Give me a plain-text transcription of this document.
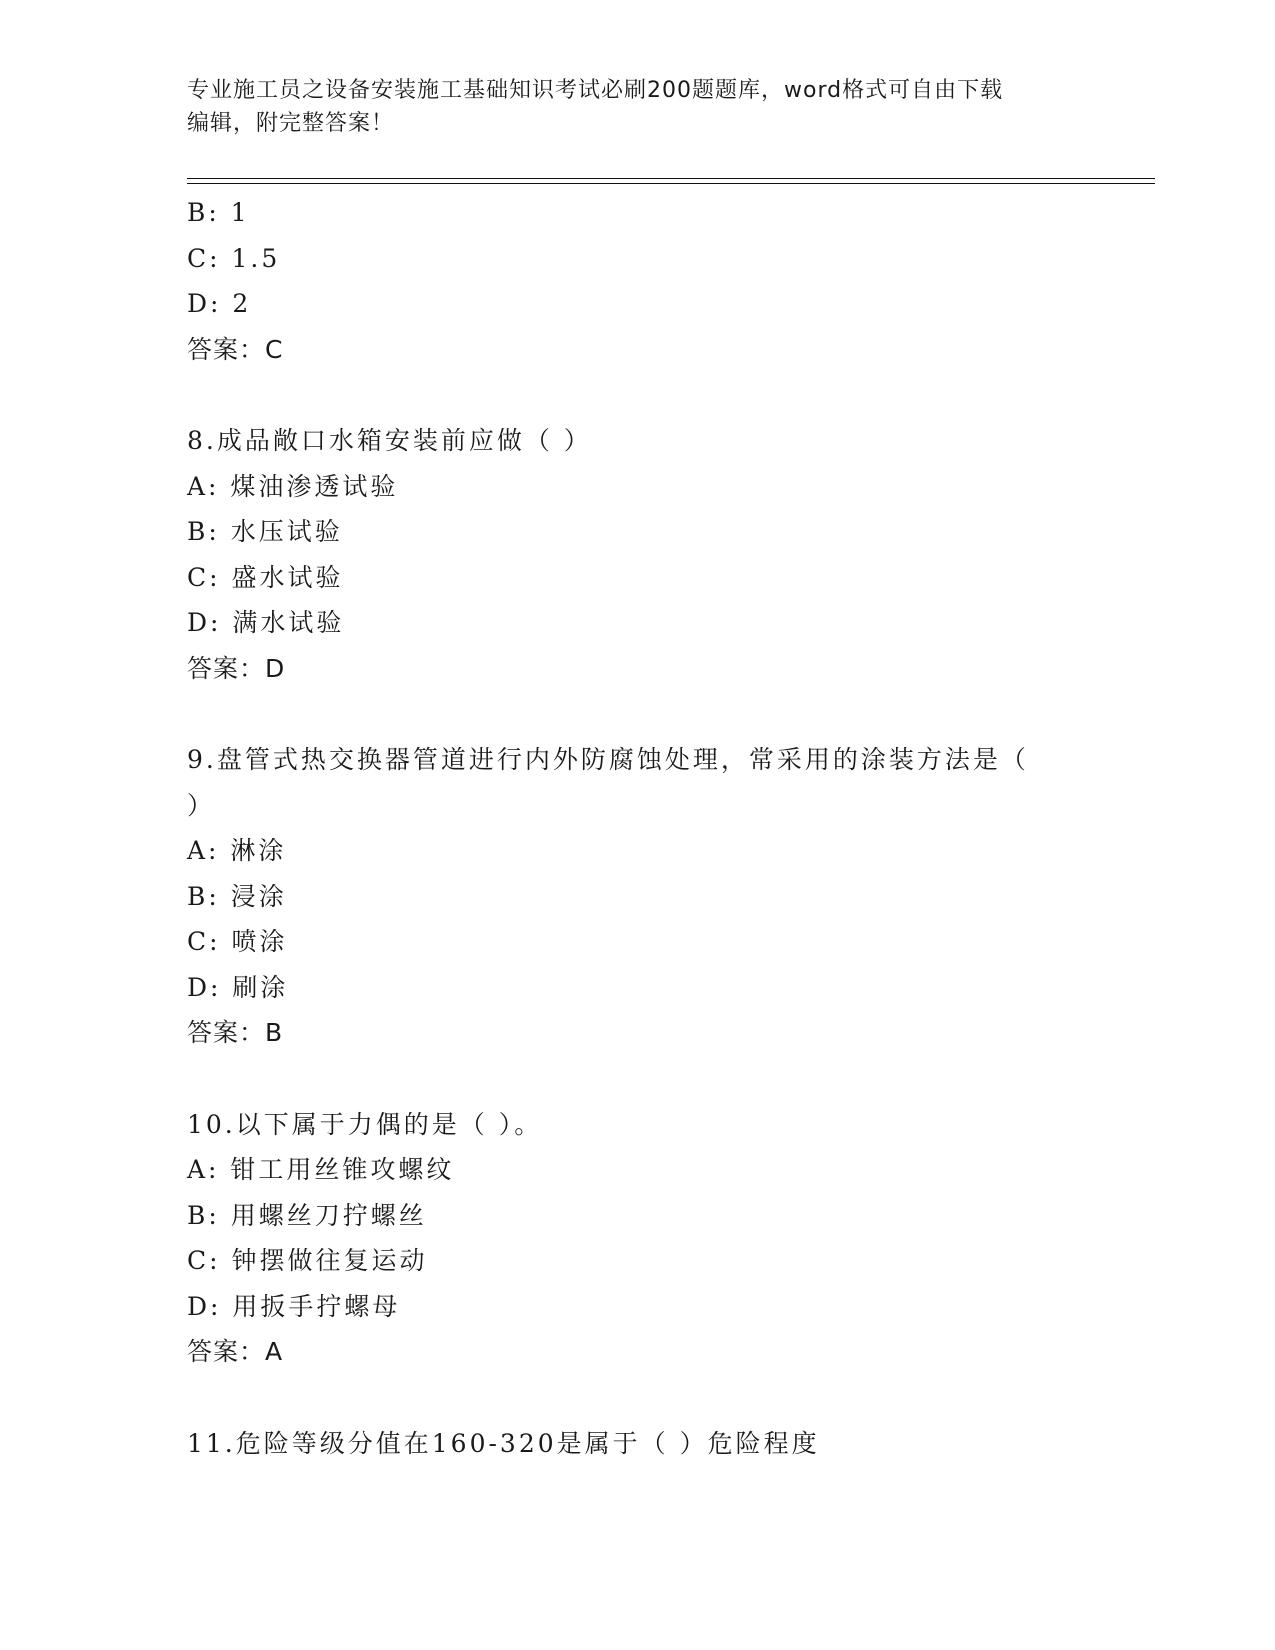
专业施工员之设备安装施工基础知识考试必刷200题题库，word格式可自由下载
编辑，附完整答案！
B: 1
C: 1.5
D: 2
答案：C
8.成品敞口水箱安装前应做（ ）
A: 煤油渗透试验
B: 水压试验
C: 盛水试验
D: 满水试验
答案：D
9.盘管式热交换器管道进行内外防腐蚀处理，常采用的涂装方法是（
）
A: 淋涂
B: 浸涂
C: 喷涂
D: 刷涂
答案：B
10.以下属于力偶的是（ ）。
A: 钳工用丝锥攻螺纹
B: 用螺丝刀拧螺丝
C: 钟摆做往复运动
D: 用扳手拧螺母
答案：A
11.危险等级分值在160-320是属于（ ）危险程度
